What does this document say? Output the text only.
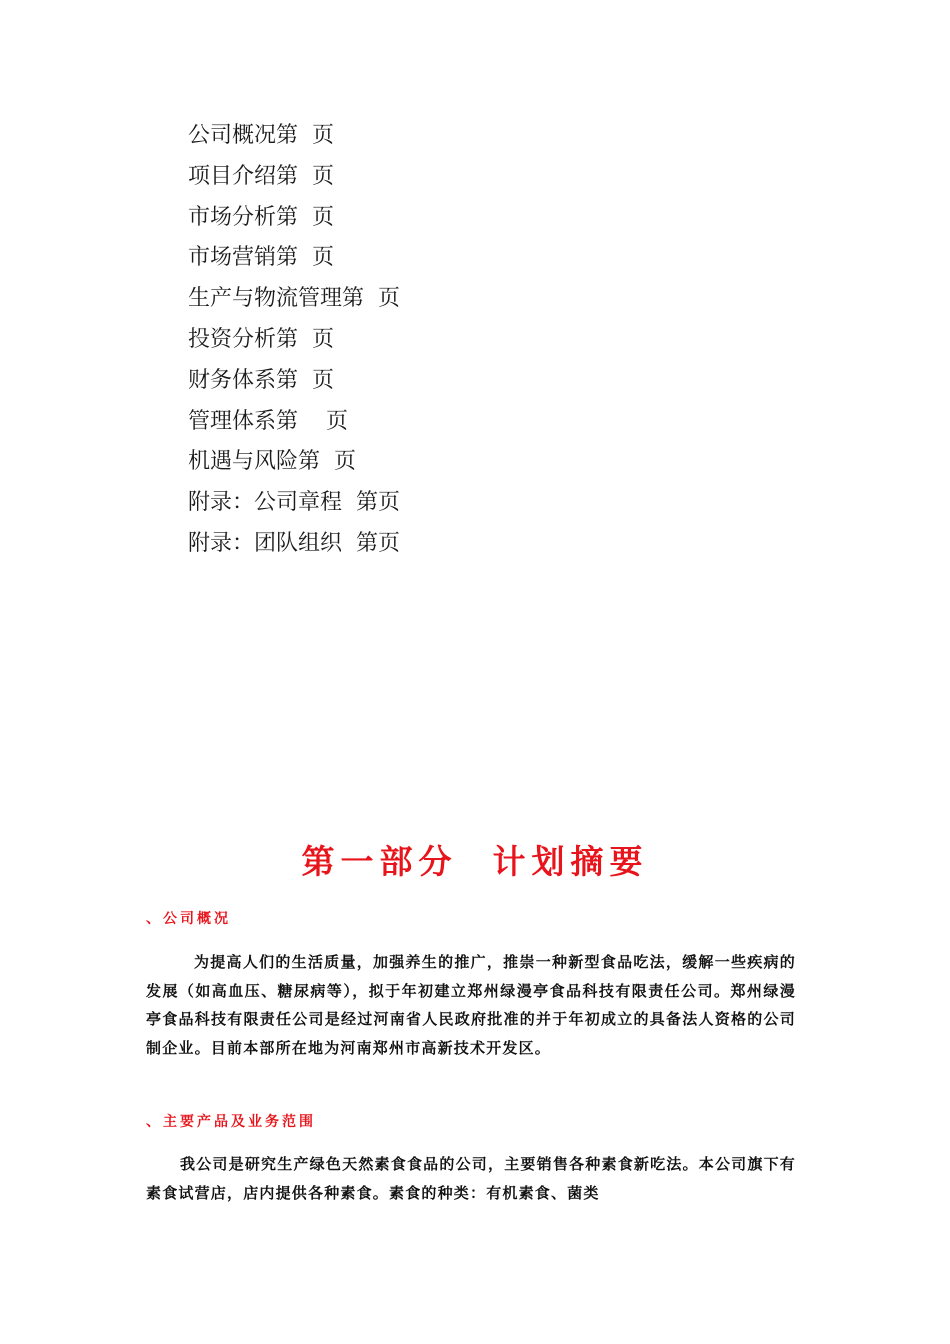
公司概况第  页
项目介绍第  页
市场分析第  页
市场营销第  页
生产与物流管理第  页
投资分析第  页
财务体系第  页
管理体系第    页
机遇与风险第  页
附录：公司章程  第页
附录：团队组织  第页
第一部分  计划摘要
、公司概况

为提高人们的生活质量，加强养生的推广，推崇一种新型食品吃法，缓解一些疾病的发展（如高血压、糖尿病等），拟于年初建立郑州绿漫亭食品科技有限责任公司。郑州绿漫亭食品科技有限责任公司是经过河南省人民政府批准的并于年初成立的具备法人资格的公司制企业。目前本部所在地为河南郑州市高新技术开发区。

、主要产品及业务范围

我公司是研究生产绿色天然素食食品的公司，主要销售各种素食新吃法。本公司旗下有素食试营店，店内提供各种素食。素食的种类：有机素食、菌类
